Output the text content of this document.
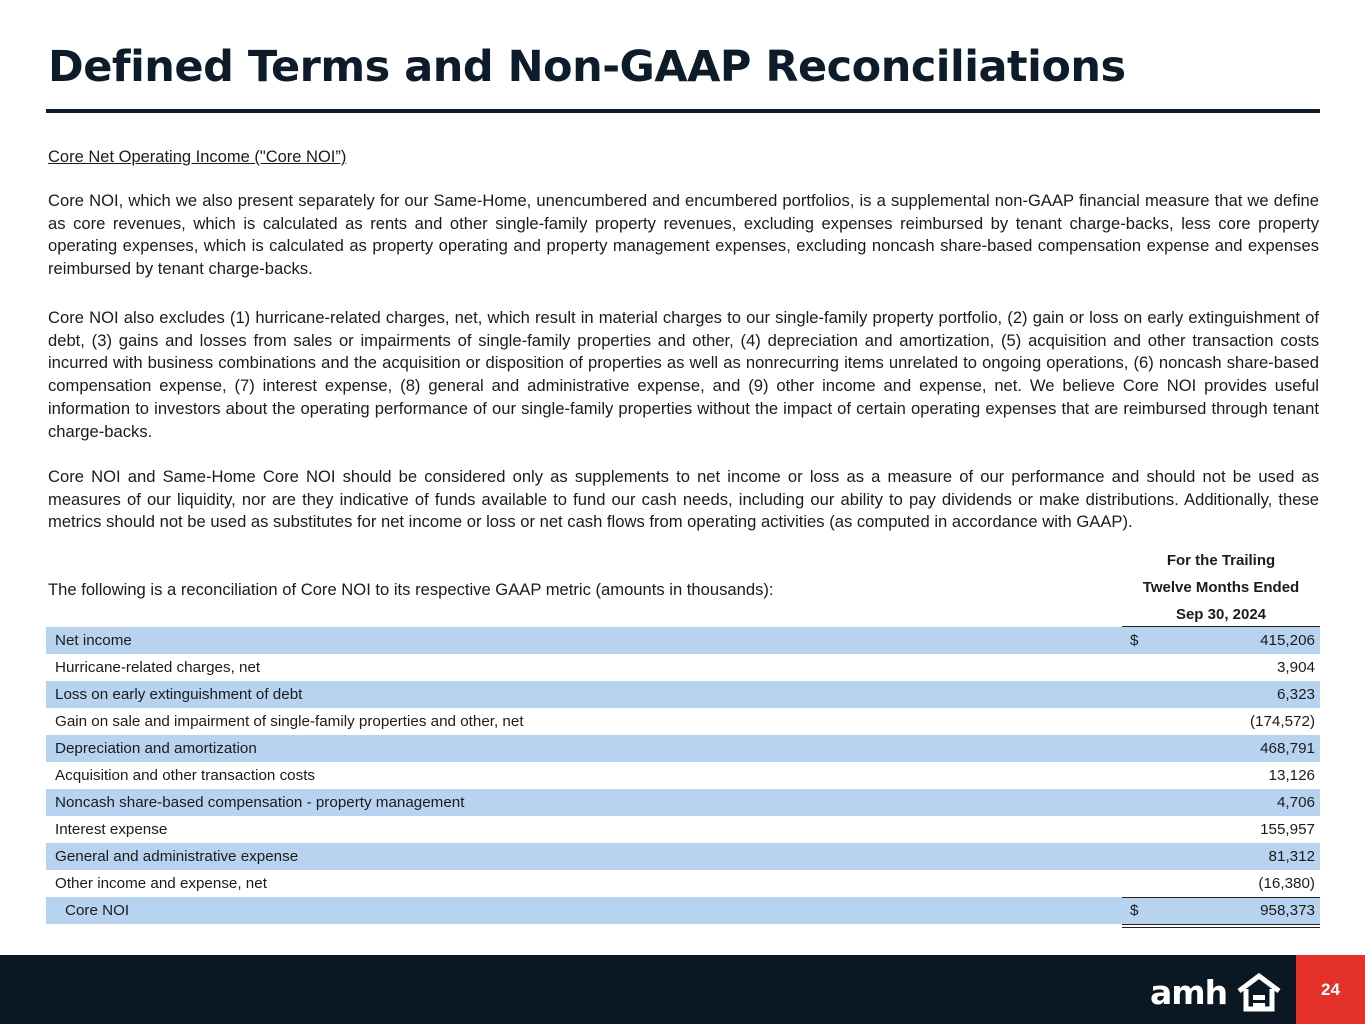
Defined Terms and Non-GAAP Reconciliations
Core Net Operating Income ("Core NOI”)
Core NOI, which we also present separately for our Same-Home, unencumbered and encumbered portfolios, is a supplemental non-GAAP financial measure that we define as core revenues, which is calculated as rents and other single-family property revenues, excluding expenses reimbursed by tenant charge-backs, less core property operating expenses, which is calculated as property operating and property management expenses, excluding noncash share-based compensation expense and expenses reimbursed by tenant charge-backs.
Core NOI also excludes (1) hurricane-related charges, net, which result in material charges to our single-family property portfolio, (2) gain or loss on early extinguishment of debt, (3) gains and losses from sales or impairments of single-family properties and other, (4) depreciation and amortization, (5) acquisition and other transaction costs incurred with business combinations and the acquisition or disposition of properties as well as nonrecurring items unrelated to ongoing operations, (6) noncash share-based compensation expense, (7) interest expense, (8) general and administrative expense, and (9) other income and expense, net. We believe Core NOI provides useful information to investors about the operating performance of our single-family properties without the impact of certain operating expenses that are reimbursed through tenant charge-backs.
Core NOI and Same-Home Core NOI should be considered only as supplements to net income or loss as a measure of our performance and should not be used as measures of our liquidity, nor are they indicative of funds available to fund our cash needs, including our ability to pay dividends or make distributions. Additionally, these metrics should not be used as substitutes for net income or loss or net cash flows from operating activities (as computed in accordance with GAAP).
The following is a reconciliation of Core NOI to its respective GAAP metric (amounts in thousands):
For the Trailing
Twelve Months Ended
Sep 30, 2024
Net income	$	415,206
Hurricane-related charges, net	3,904
Loss on early extinguishment of debt	6,323
Gain on sale and impairment of single-family properties and other, net	(174,572)
Depreciation and amortization	468,791
Acquisition and other transaction costs	13,126
Noncash share-based compensation - property management	4,706
Interest expense	155,957
General and administrative expense	81,312
Other income and expense, net	(16,380)
Core NOI	$	958,373
amh	24
